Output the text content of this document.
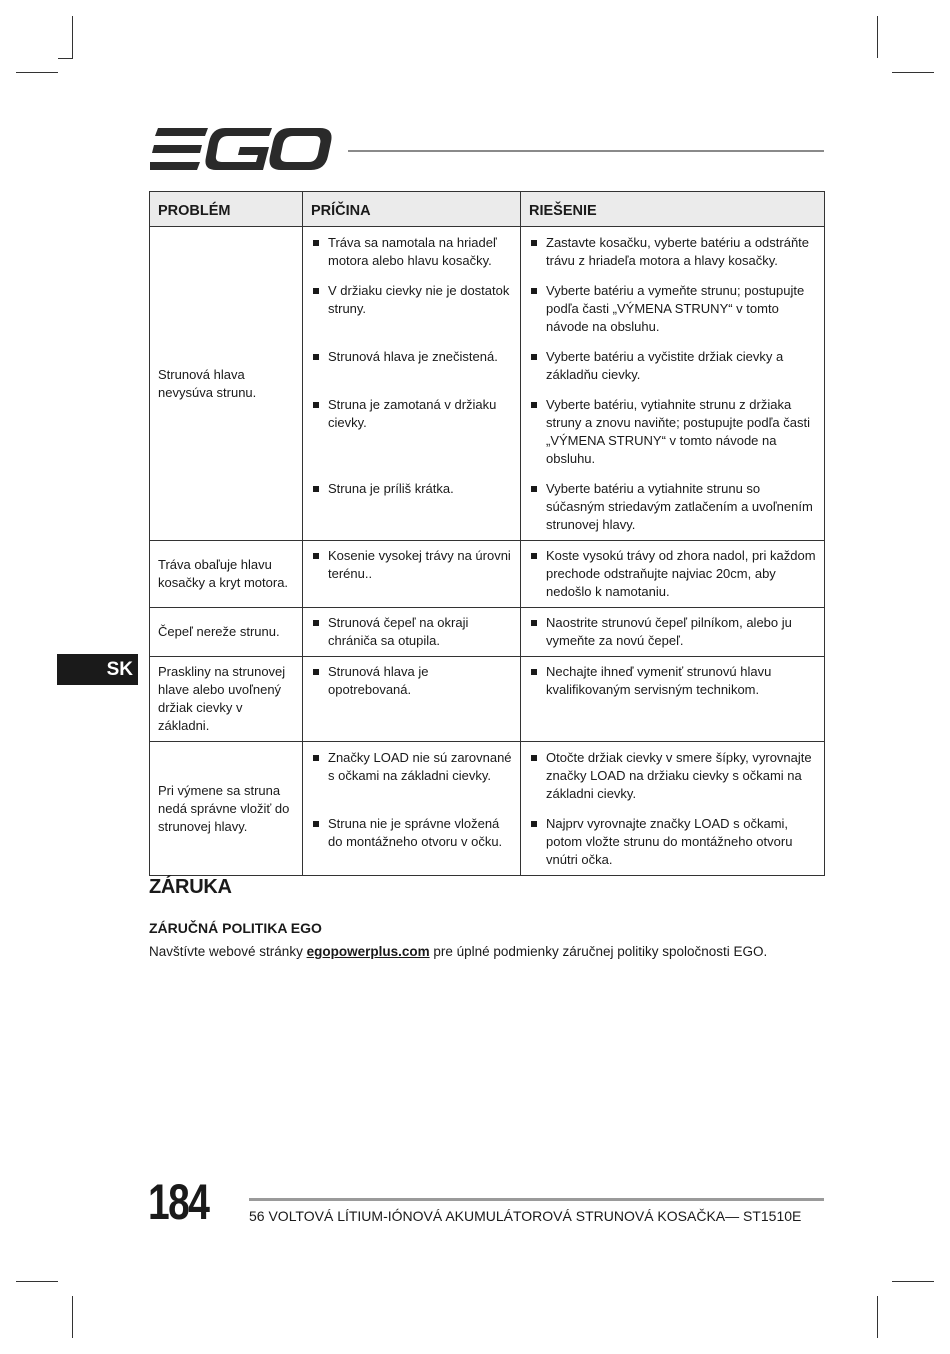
PROBLÉM	PRÍČINA	RIEŠENIE
Strunová hlava nevysúva strunu.	Tráva sa namotala na hriadeľ motora alebo hlavu kosačky.	Zastavte kosačku, vyberte batériu a odstráňte trávu z hriadeľa motora a hlavy kosačky.

	V držiaku cievky nie je dostatok struny.	Vyberte batériu a vymeňte strunu; postupujte podľa časti „VÝMENA STRUNY“ v tomto návode na obsluhu.

	Strunová hlava je znečistená.	Vyberte batériu a vyčistite držiak cievky a základňu cievky.

	Struna je zamotaná v držiaku cievky.	Vyberte batériu, vytiahnite strunu z držiaka struny a znovu naviňte; postupujte podľa časti „VÝMENA STRUNY“ v tomto návode na obsluhu.

	Struna je príliš krátka.	Vyberte batériu a vytiahnite strunu so súčasným striedavým zatlačením a uvoľnením strunovej hlavy.

Tráva obaľuje hlavu kosačky a kryt motora.	Kosenie vysokej trávy na úrovni terénu..	Koste vysokú trávy od zhora nadol, pri každom prechode odstraňujte najviac 20cm, aby nedošlo k namotaniu.

Čepeľ nereže strunu.	Strunová čepeľ na okraji chrániča sa otupila.	Naostrite strunovú čepeľ pilníkom, alebo ju vymeňte za novú čepeľ.

Praskliny na strunovej hlave alebo uvoľnený držiak cievky v základni.	Strunová hlava je opotrebovaná.	Nechajte ihneď vymeniť strunovú hlavu kvalifikovaným servisným technikom.

Pri výmene sa struna nedá správne vložiť do strunovej hlavy.	Značky LOAD nie sú zarovnané s očkami na základni cievky.	Otočte držiak cievky v smere šípky, vyrovnajte značky LOAD na držiaku cievky s očkami na základni cievky.

	Struna nie je správne vložená do montážneho otvoru v očku.	Najprv vyrovnajte značky LOAD s očkami, potom vložte strunu do montážneho otvoru vnútri očka.
SK
ZÁRUKA
ZÁRUČNÁ POLITIKA EGO
Navštívte webové stránky egopowerplus.com pre úplné podmienky záručnej politiky spoločnosti EGO.
184	56 VOLTOVÁ LÍTIUM-IÓNOVÁ AKUMULÁTOROVÁ STRUNOVÁ KOSAČKA— ST1510E
